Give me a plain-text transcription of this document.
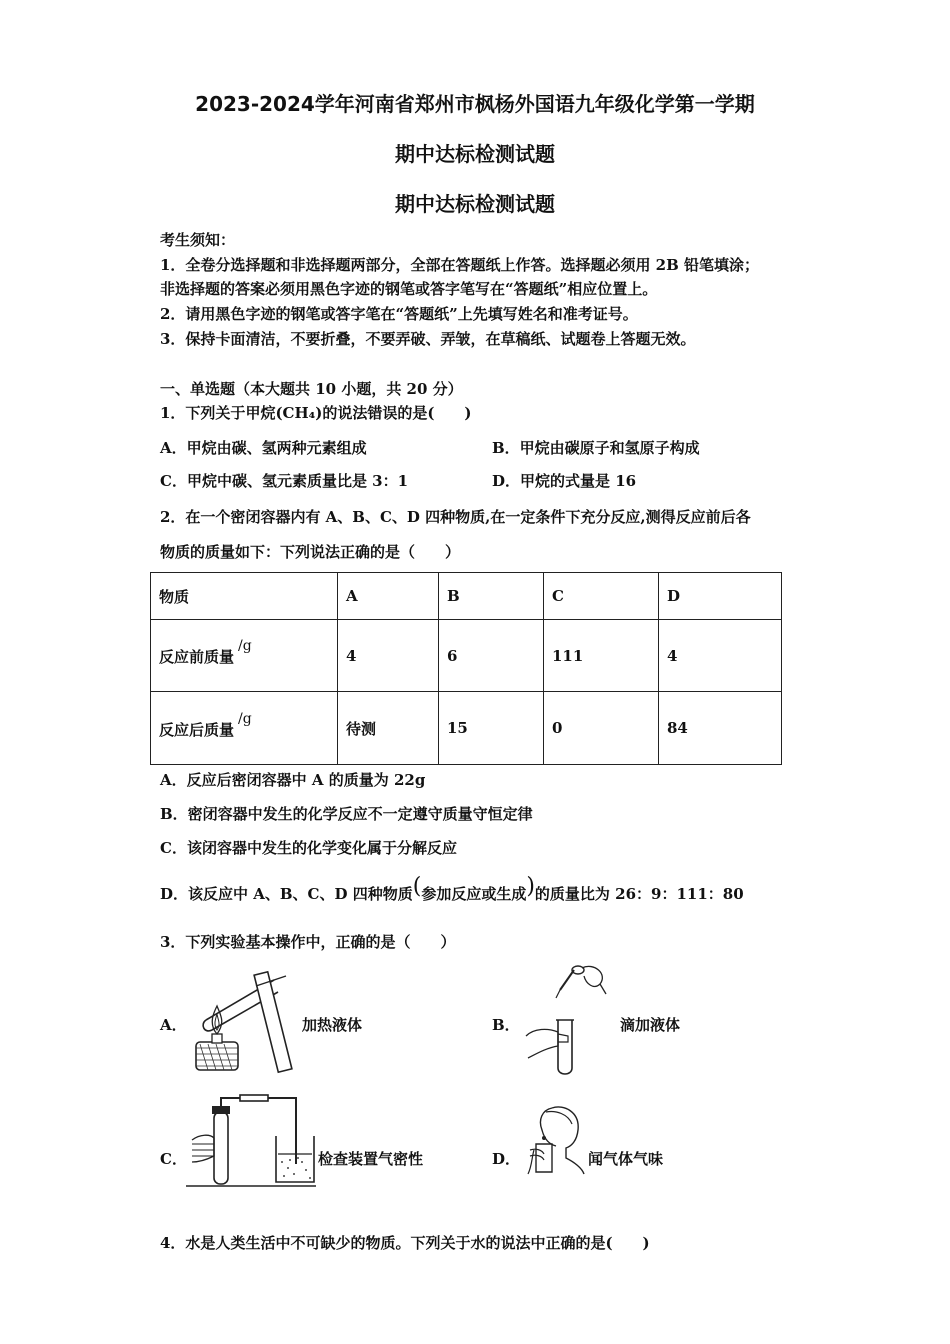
2023-2024学年河南省郑州市枫杨外国语九年级化学第一学期
期中达标检测试题
期中达标检测试题
考生须知：
1．全卷分选择题和非选择题两部分，全部在答题纸上作答。选择题必须用 2B 铅笔填涂；
非选择题的答案必须用黑色字迹的钢笔或答字笔写在“答题纸”相应位置上。
2．请用黑色字迹的钢笔或答字笔在“答题纸”上先填写姓名和准考证号。
3．保持卡面清洁，不要折叠，不要弄破、弄皱，在草稿纸、试题卷上答题无效。
一、单选题（本大题共 10 小题，共 20 分）
1．下列关于甲烷(CH₄)的说法错误的是(　　)
A．甲烷由碳、氢两种元素组成	B．甲烷由碳原子和氢原子构成
C．甲烷中碳、氢元素质量比是 3：1	D．甲烷的式量是 16
2．在一个密闭容器内有 A、B、C、D 四种物质,在一定条件下充分反应,测得反应前后各
物质的质量如下：下列说法正确的是（　　）
物质	A	B	C	D
反应前质量$^{/g}$	4	6	111	4
反应后质量$^{/g}$	待测	15	0	84
A．反应后密闭容器中 A 的质量为 22g
B．密闭容器中发生的化学反应不一定遵守质量守恒定律
C．该闭容器中发生的化学变化属于分解反应
D．该反应中 A、B、C、D 四种物质(参加反应或生成)的质量比为 26：9：111：80
3．下列实验基本操作中，正确的是（　　）
A．	加热液体	B．	滴加液体
C．	检查装置气密性	D．	闻气体气味
4．水是人类生活中不可缺少的物质。下列关于水的说法中正确的是(　　)
